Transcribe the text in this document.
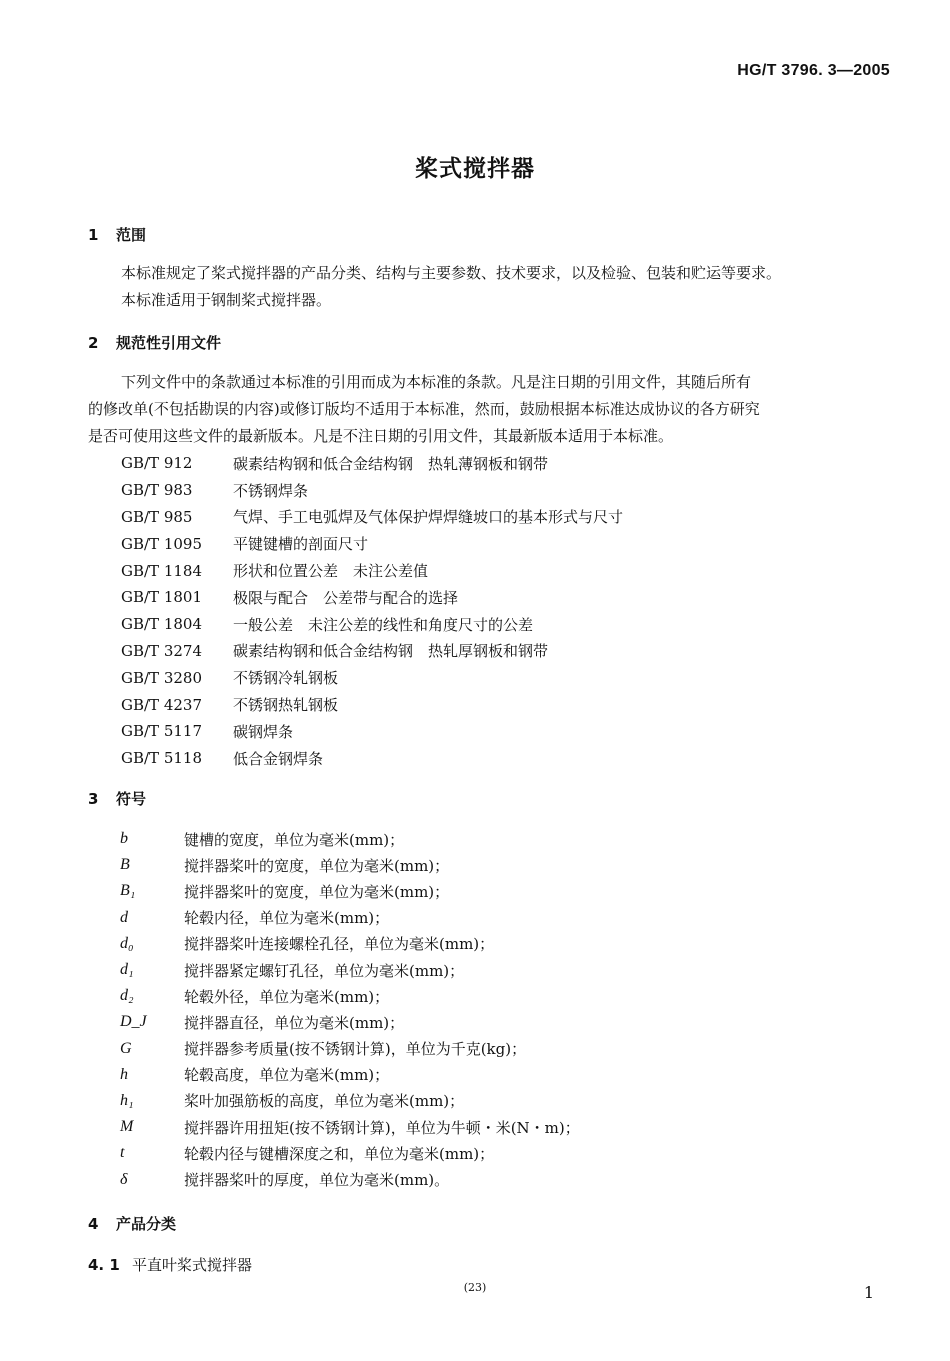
HG/T 3796. 3—2005
桨式搅拌器
1 范围
本标准规定了桨式搅拌器的产品分类、结构与主要参数、技术要求，以及检验、包装和贮运等要求。
本标准适用于钢制桨式搅拌器。
2 规范性引用文件
下列文件中的条款通过本标准的引用而成为本标准的条款。凡是注日期的引用文件，其随后所有
的修改单(不包括勘误的内容)或修订版均不适用于本标准，然而，鼓励根据本标准达成协议的各方研究
是否可使用这些文件的最新版本。凡是不注日期的引用文件，其最新版本适用于本标准。
GB/T 912	碳素结构钢和低合金结构钢　热轧薄钢板和钢带
GB/T 983	不锈钢焊条
GB/T 985	气焊、手工电弧焊及气体保护焊焊缝坡口的基本形式与尺寸
GB/T 1095	平键键槽的剖面尺寸
GB/T 1184	形状和位置公差　未注公差值
GB/T 1801	极限与配合　公差带与配合的选择
GB/T 1804	一般公差　未注公差的线性和角度尺寸的公差
GB/T 3274	碳素结构钢和低合金结构钢　热轧厚钢板和钢带
GB/T 3280	不锈钢冷轧钢板
GB/T 4237	不锈钢热轧钢板
GB/T 5117	碳钢焊条
GB/T 5118	低合金钢焊条
3 符号
b	键槽的宽度，单位为毫米(mm)；
B	搅拌器桨叶的宽度，单位为毫米(mm)；
B₁	搅拌器桨叶的宽度，单位为毫米(mm)；
d	轮毂内径，单位为毫米(mm)；
d₀	搅拌器桨叶连接螺栓孔径，单位为毫米(mm)；
d₁	搅拌器紧定螺钉孔径，单位为毫米(mm)；
d₂	轮毂外径，单位为毫米(mm)；
D_J	搅拌器直径，单位为毫米(mm)；
G	搅拌器参考质量(按不锈钢计算)，单位为千克(kg)；
h	轮毂高度，单位为毫米(mm)；
h₁	桨叶加强筋板的高度，单位为毫米(mm)；
M	搅拌器许用扭矩(按不锈钢计算)，单位为牛顿・米(N・m)；
t	轮毂内径与键槽深度之和，单位为毫米(mm)；
δ	搅拌器桨叶的厚度，单位为毫米(mm)。
4 产品分类
4. 1 平直叶桨式搅拌器
(23)	1
